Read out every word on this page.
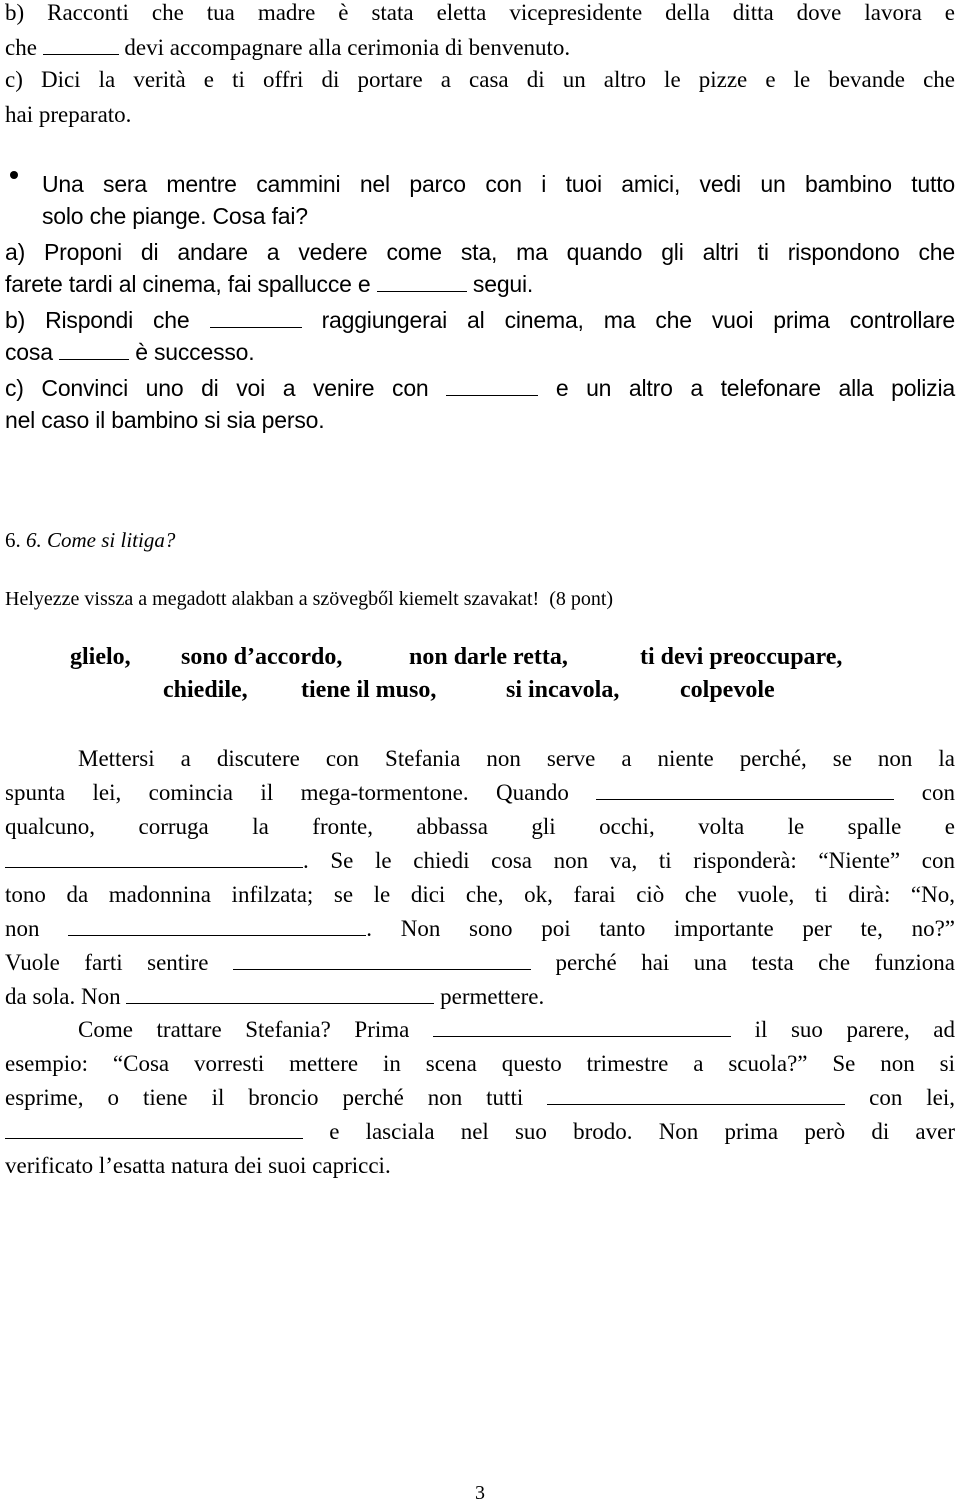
b) Racconti che tua madre è stata eletta vicepresidente della ditta dove lavora e
che	devi accompagnare alla cerimonia di benvenuto.
c) Dici la verità e ti offri di portare a casa di un altro le pizze e le bevande che
hai preparato.
Una sera mentre cammini nel parco con i tuoi amici, vedi un bambino tutto
solo che piange. Cosa fai?
a) Proponi di andare a vedere come sta, ma quando gli altri ti rispondono che
farete tardi al cinema, fai spallucce e	segui.
b) Rispondi che	raggiungerai al cinema, ma che vuoi prima controllare
cosa	è successo.
c) Convinci uno di voi a venire con	e un altro a telefonare alla polizia
nel caso il bambino si sia perso.
6. 6. Come si litiga?
Helyezze vissza a megadott alakban a szövegből kiemelt szavakat! (8 pont)
glielo, sono d’accordo,	non darle retta,	ti devi preoccupare,
chiedile, tiene il muso,	si incavola,	colpevole
Mettersi a discutere con Stefania non serve a niente perché, se non la
spunta lei, comincia il mega-tormentone. Quando	con
qualcuno, corruga la fronte, abbassa gli occhi, volta le spalle e
. Se le chiedi cosa non va, ti risponderà: “Niente” con
tono da madonnina infilzata; se le dici che, ok, farai ciò che vuole, ti dirà: “No,
non	. Non sono poi tanto importante per te, no?”
Vuole farti sentire	perché hai una testa che funziona
da sola. Non	permettere.
Come trattare Stefania? Prima	il suo parere, ad
esempio: “Cosa vorresti mettere in scena questo trimestre a scuola?” Se non si
esprime, o tiene il broncio perché non tutti	con lei,
e lasciala nel suo brodo. Non prima però di aver
verificato l’esatta natura dei suoi capricci.
3
